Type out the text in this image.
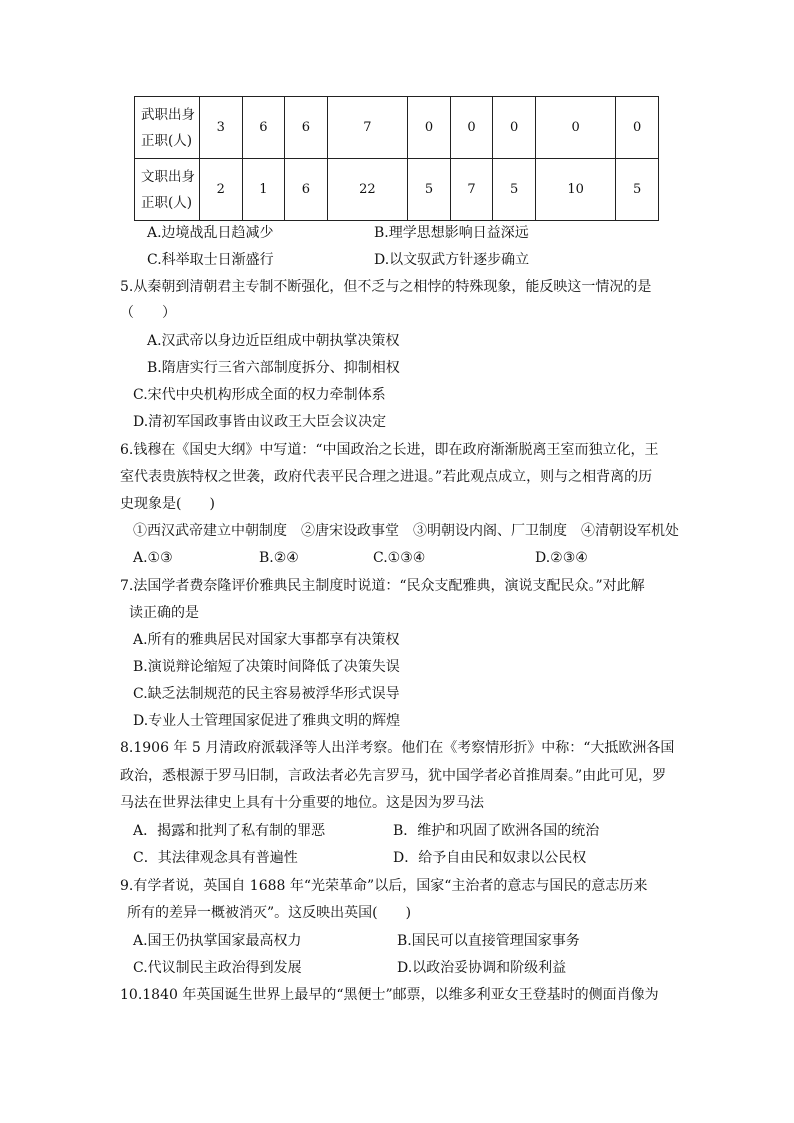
武职出身
正职(人)	3	6	6	7	0	0	0	0	0

文职出身
正职(人)	2	1	6	22	5	7	5	10	5
A.边境战乱日趋减少	B.理学思想影响日益深远
C.科举取士日渐盛行	D.以文驭武方针逐步确立
5.从秦朝到清朝君主专制不断强化，但不乏与之相悖的特殊现象，能反映这一情况的是
（　　）
A.汉武帝以身边近臣组成中朝执掌决策权
B.隋唐实行三省六部制度拆分、抑制相权
C.宋代中央机构形成全面的权力牵制体系
D.清初军国政事皆由议政王大臣会议决定
6.钱穆在《国史大纲》中写道：“中国政治之长进，即在政府渐渐脱离王室而独立化，王
室代表贵族特权之世袭，政府代表平民合理之进退。”若此观点成立，则与之相背离的历
史现象是(　　)
①西汉武帝建立中朝制度　②唐宋设政事堂　③明朝设内阁、厂卫制度　④清朝设军机处
A.①③	B.②④	C.①③④	D.②③④
7.法国学者费奈隆评价雅典民主制度时说道：“民众支配雅典，演说支配民众。”对此解
读正确的是
A.所有的雅典居民对国家大事都享有决策权
B.演说辩论缩短了决策时间降低了决策失误
C.缺乏法制规范的民主容易被浮华形式误导
D.专业人士管理国家促进了雅典文明的辉煌
8.1906 年 5 月清政府派载泽等人出洋考察。他们在《考察情形折》中称：“大抵欧洲各国
政治，悉根源于罗马旧制，言政法者必先言罗马，犹中国学者必首推周秦。”由此可见，罗
马法在世界法律史上具有十分重要的地位。这是因为罗马法
A．揭露和批判了私有制的罪恶	B．维护和巩固了欧洲各国的统治
C．其法律观念具有普遍性	D．给予自由民和奴隶以公民权
9.有学者说，英国自 1688 年“光荣革命”以后，国家“主治者的意志与国民的意志历来
所有的差异一概被消灭”。这反映出英国(　　)
A.国王仍执掌国家最高权力	B.国民可以直接管理国家事务
C.代议制民主政治得到发展	D.以政治妥协调和阶级利益
10.1840 年英国诞生世界上最早的“黑便士”邮票，以维多利亚女王登基时的侧面肖像为
